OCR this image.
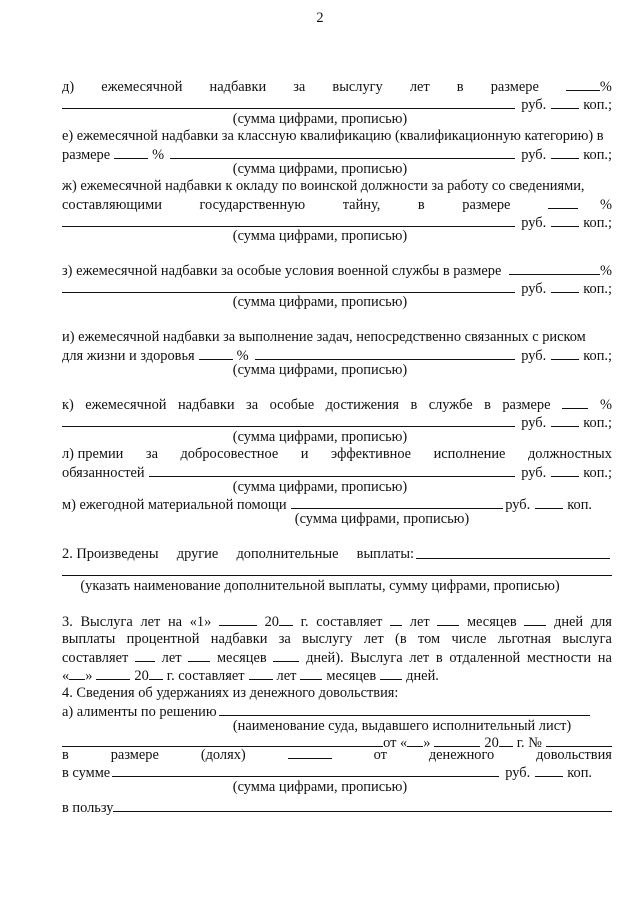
2
д) ежемесячной надбавки за выслугу лет в размере	%
руб.	коп.;
(сумма цифрами, прописью)
е) ежемесячной надбавки за классную квалификацию (квалификационную категорию) в
размере	%	руб.	коп.;
(сумма цифрами, прописью)
ж) ежемесячной надбавки к окладу по воинской должности за работу со сведениями,
составляющими	государственную	тайну,	в	размере	%
руб.	коп.;
(сумма цифрами, прописью)
з) ежемесячной надбавки за особые условия военной службы в размере	%
руб.	коп.;
(сумма цифрами, прописью)
и) ежемесячной надбавки за выполнение задач, непосредственно связанных с риском
для жизни и здоровья	%	руб.	коп.;
(сумма цифрами, прописью)
к) ежемесячной надбавки за особые достижения в службе в размере	%
руб.	коп.;
(сумма цифрами, прописью)
л) премии за добросовестное и эффективное исполнение должностных
обязанностей	руб.	коп.;
(сумма цифрами, прописью)
м) ежегодной материальной помощи	руб.	коп.
(сумма цифрами, прописью)
2. Произведены другие дополнительные выплаты:
(указать наименование дополнительной выплаты, сумму цифрами, прописью)
3. Выслуга лет на «1»	20	г. составляет лет	месяцев	дней для
выплаты процентной надбавки за выслугу лет (в том числе льготная выслуга
составляет лет месяцев	дней). Выслуга лет в отдаленной местности на
« »	20 г. составляет лет месяцев дней.
4. Сведения об удержаниях из денежного довольствия:
а) алименты по решению
(наименование суда, выдавшего исполнительный лист)
от « »	20 г. №
в	размере	(долях)	от	денежного	довольствия
в сумме	руб.	коп.
(сумма цифрами, прописью)
в пользу
